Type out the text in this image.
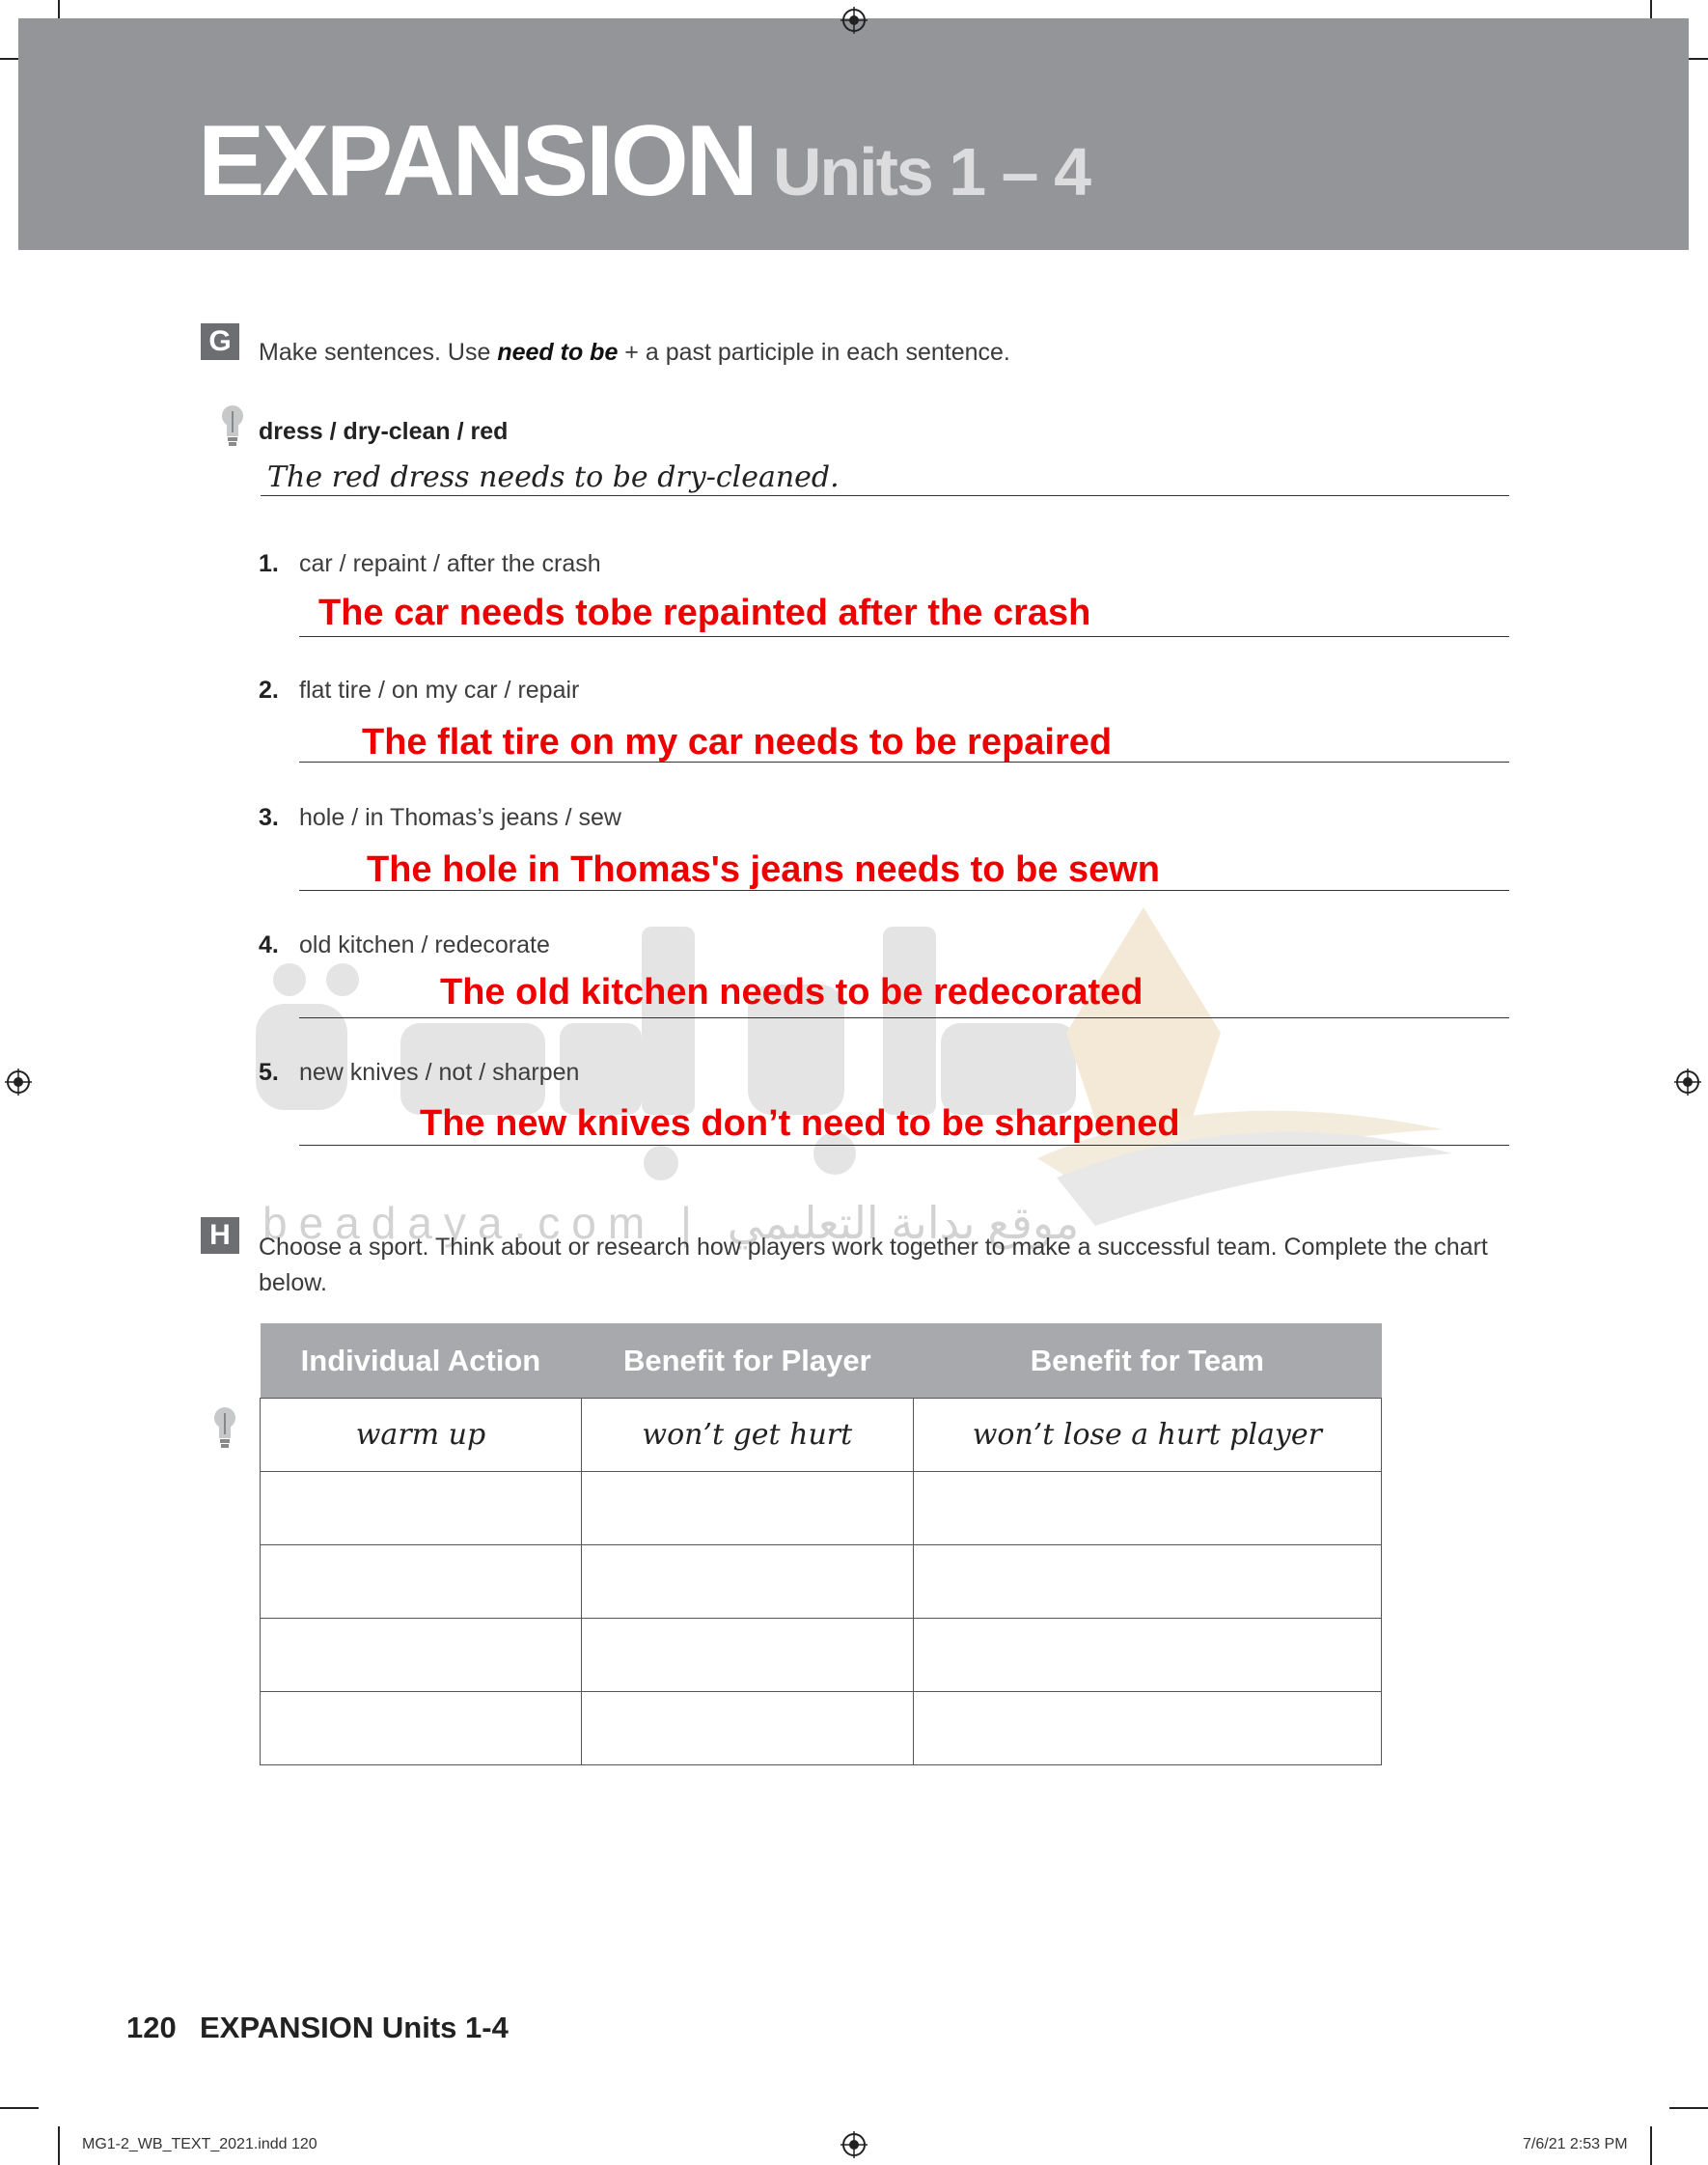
EXPANSION Units 1 – 4
beadaya.com | موقع بداية التعليمي
G	Make sentences. Use need to be + a past participle in each sentence.
dress / dry-clean / red
The red dress needs to be dry-cleaned.
1. car / repaint / after the crash
The car needs tobe repainted after the crash
2. flat tire / on my car / repair
The flat tire on my car needs to be repaired
3. hole / in Thomas’s jeans / sew
The hole in Thomas's jeans needs to be sewn
4. old kitchen / redecorate
The old kitchen needs to be redecorated
5. new knives / not / sharpen
The new knives don’t need to be sharpened
H	Choose a sport. Think about or research how players work together to make a successful team. Complete the chart below.
Individual Action	Benefit for Player	Benefit for Team
warm up	won’t get hurt	won’t lose a hurt player

120 EXPANSION Units 1-4
MG1-2_WB_TEXT_2021.indd 120	7/6/21 2:53 PM
